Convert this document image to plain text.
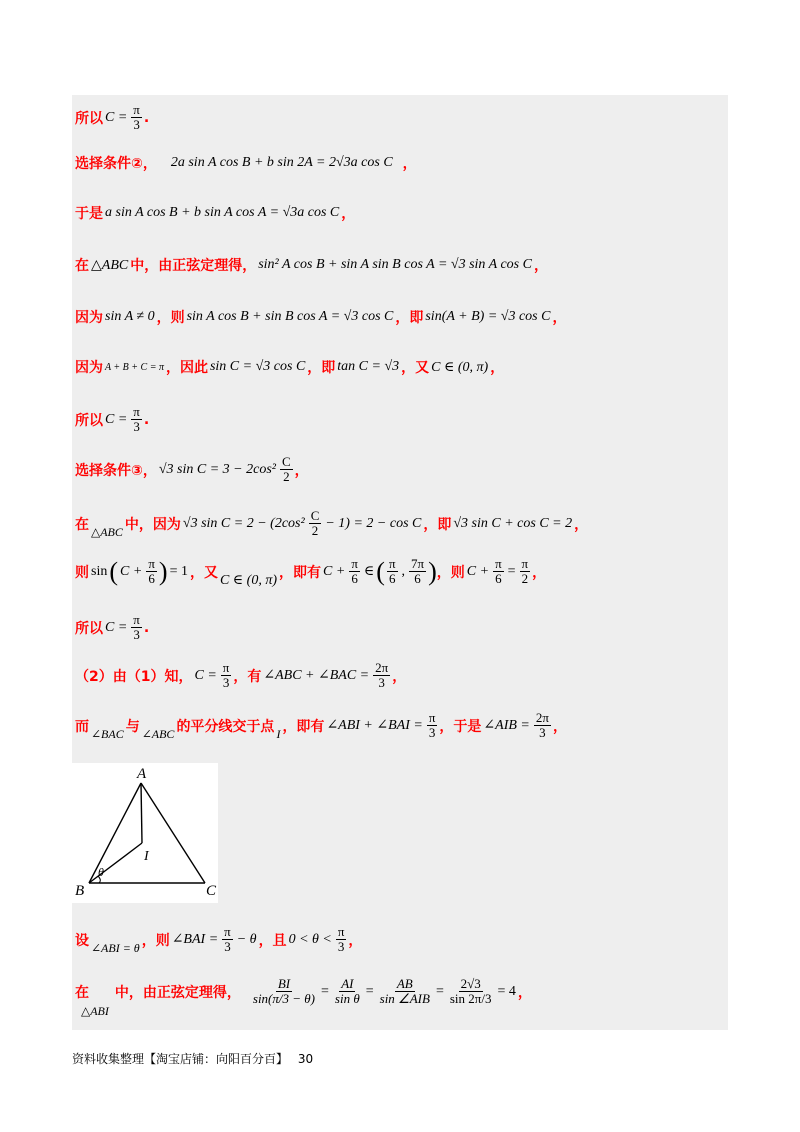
所以 $C = \frac{\pi}{3}$ .
选择条件②， 2a sin A cos B + b sin 2A = 2√3a cos C ，
于是 a sin A cos B + b sin A cos A = √3a cos C ，
在 △ABC 中，由正弦定理得， sin² A cos B + sin A sin B cos A = √3 sin A cos C ，
因为 sin A ≠ 0 ，则 sin A cos B + sin B cos A = √3 cos C ，即 sin(A + B) = √3 cos C ，
因为 A + B + C = π ，因此 sin C = √3 cos C ，即 tan C = √3 ，又 C ∈ (0, π) ，
所以 $C = \frac{\pi}{3}$ .
选择条件③， √3 $\sin C = 3 - 2\cos^2 \frac{C}{2}$ ，
在 △ABC 中，因为 √3 $\sin C = 2 - (2\cos^2 \frac{C}{2} - 1) = 2 - \cos C$ ，即 √3 sin C + cos C = 2 ，
则 sin ( $C + \frac{\pi}{6}$ ) = 1 ，又 C ∈ (0, π) ，即有 $C + \frac{\pi}{6}$ ∈ ( $\frac{\pi}{6}$ , $\frac{7\pi}{6}$ ) ，则 $C + \frac{\pi}{6} = \frac{\pi}{2}$ ，
所以 $C = \frac{\pi}{3}$ .
（2）由（1）知， $C = \frac{\pi}{3}$ ，有 ∠ABC + ∠BAC = $\frac{2\pi}{3}$ ，
而 ∠BAC 与 ∠ABC 的平分线交于点 I ，即有 ∠ABI + ∠BAI = $\frac{\pi}{3}$ ，于是 ∠AIB = $\frac{2\pi}{3}$ ，
A
B	C
I
θ
设 ∠ABI = θ ，则 ∠BAI = $\frac{\pi}{3} - \theta$ ，且 $0 < \theta < \frac{\pi}{3}$ ，
在
△ABI
中，由正弦定理得， $\frac{BI}{\sin(\pi/3 - \theta)} = \frac{AI}{\text{sin θ}} = \frac{AB}{\text{sin ∠AIB}} = \frac{2√3}{\sin 2\pi/3} = 4$ ，
资料收集整理【淘宝店铺：向阳百分百】 30
